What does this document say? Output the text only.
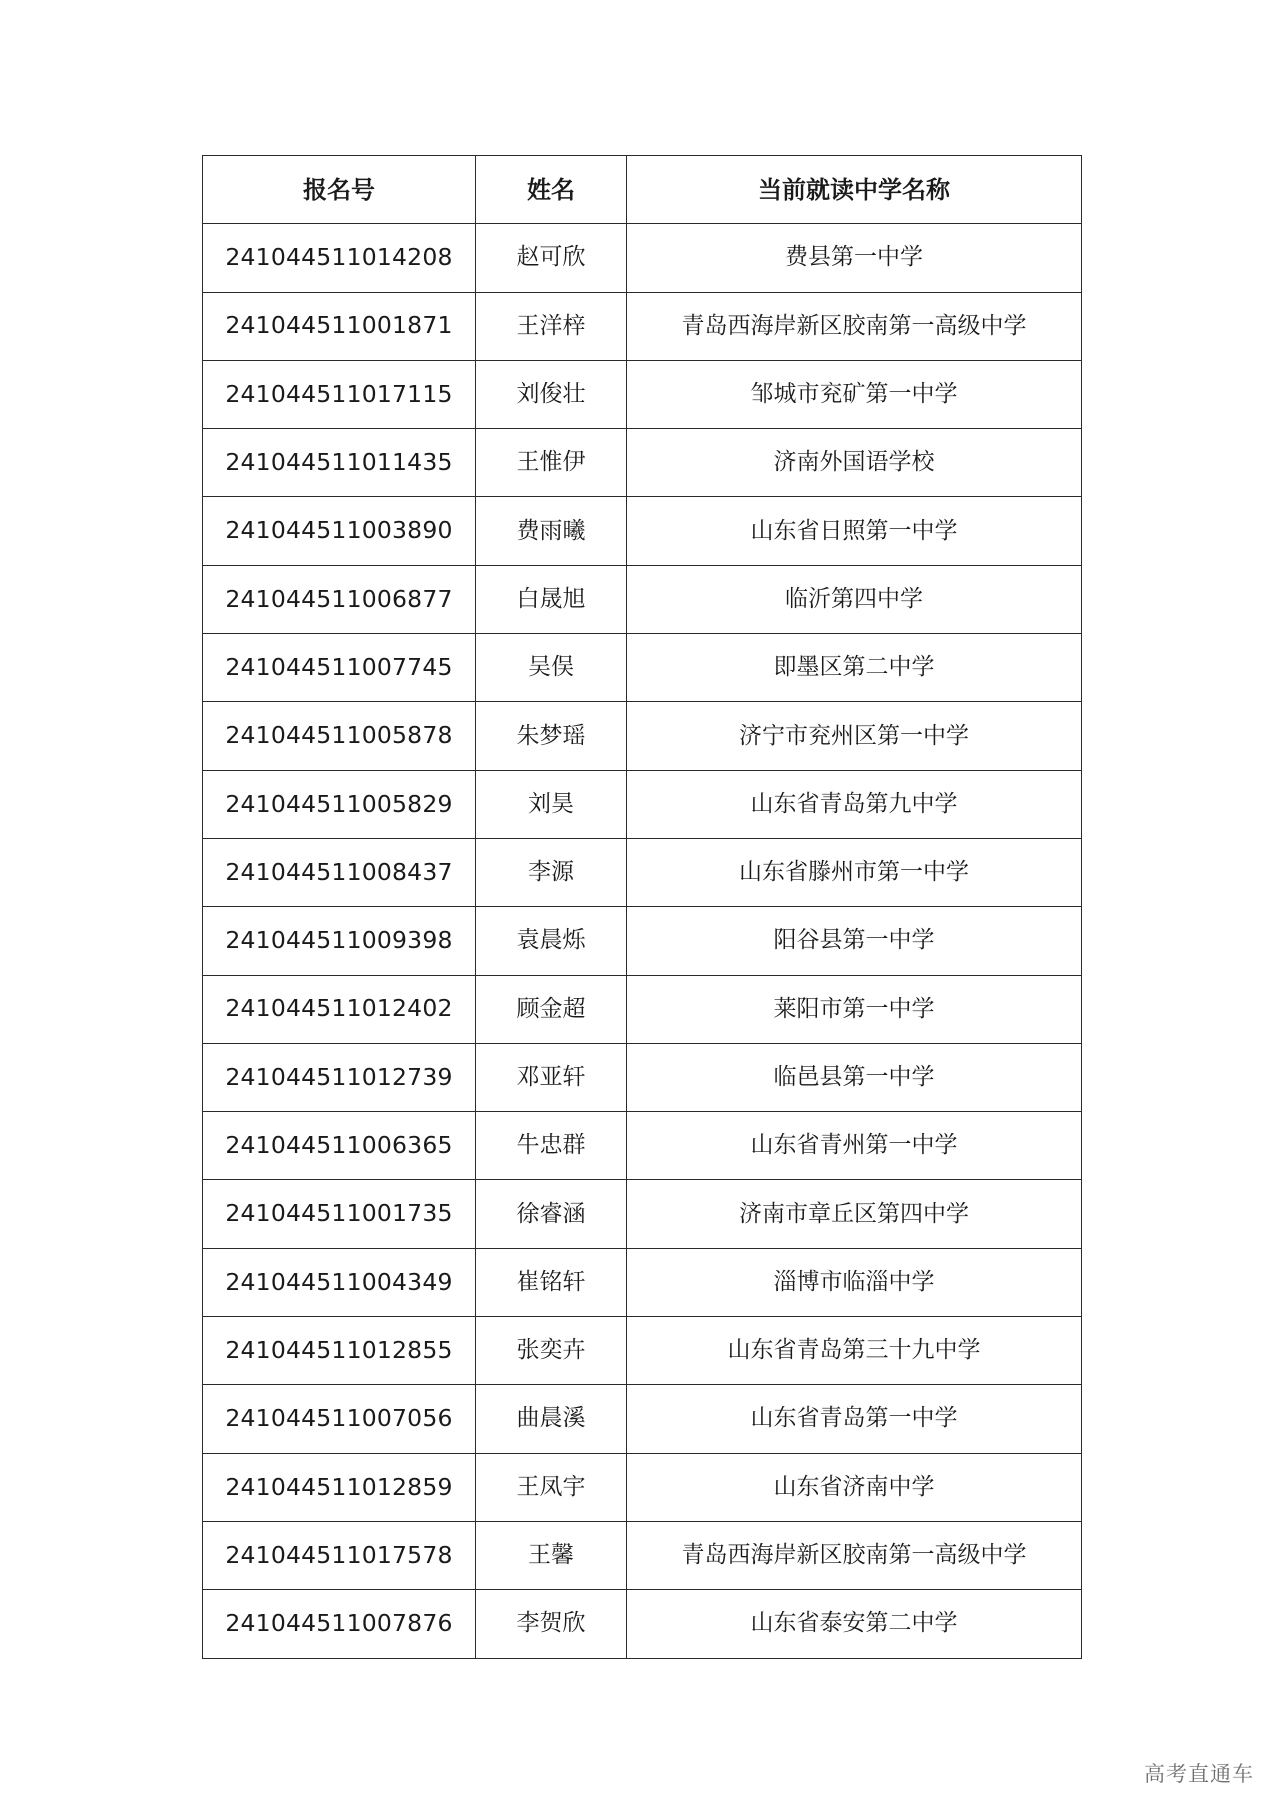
报名号	姓名	当前就读中学名称
241044511014208	赵可欣	费县第一中学
241044511001871	王洋梓	青岛西海岸新区胶南第一高级中学
241044511017115	刘俊壮	邹城市兖矿第一中学
241044511011435	王惟伊	济南外国语学校
241044511003890	费雨曦	山东省日照第一中学
241044511006877	白晟旭	临沂第四中学
241044511007745	吴俣	即墨区第二中学
241044511005878	朱梦瑶	济宁市兖州区第一中学
241044511005829	刘昊	山东省青岛第九中学
241044511008437	李源	山东省滕州市第一中学
241044511009398	袁晨烁	阳谷县第一中学
241044511012402	顾金超	莱阳市第一中学
241044511012739	邓亚轩	临邑县第一中学
241044511006365	牛忠群	山东省青州第一中学
241044511001735	徐睿涵	济南市章丘区第四中学
241044511004349	崔铭轩	淄博市临淄中学
241044511012855	张奕卉	山东省青岛第三十九中学
241044511007056	曲晨溪	山东省青岛第一中学
241044511012859	王凤宇	山东省济南中学
241044511017578	王馨	青岛西海岸新区胶南第一高级中学
241044511007876	李贺欣	山东省泰安第二中学
高考直通车
